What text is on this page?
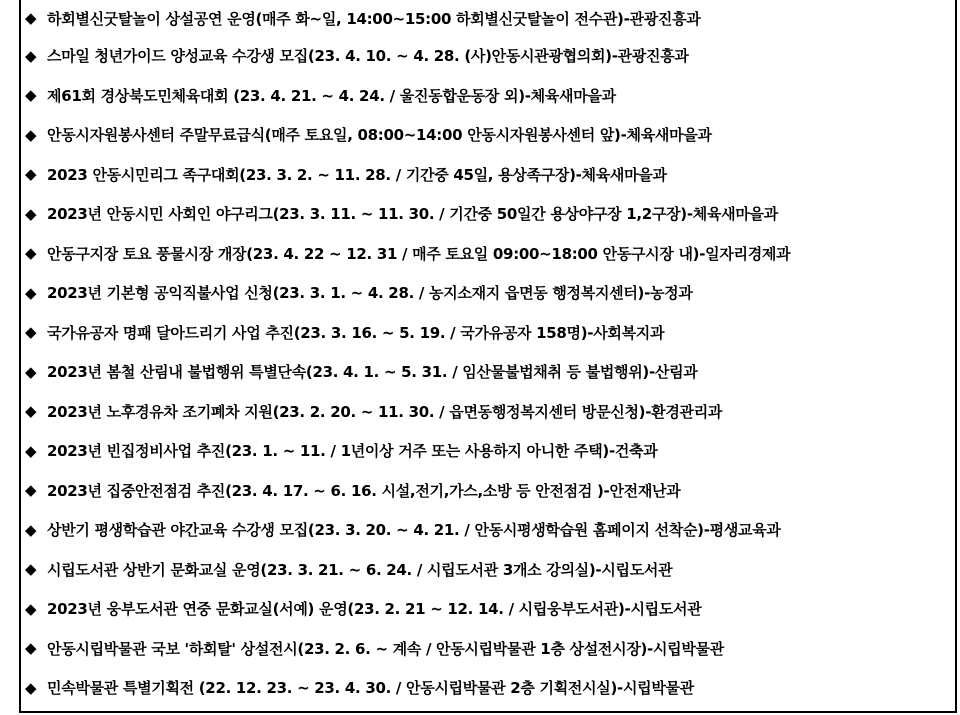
◆ 하회별신굿탈놀이 상설공연 운영(매주 화~일, 14:00~15:00 하회별신굿탈놀이 전수관)-관광진흥과
◆ 스마일 청년가이드 양성교육 수강생 모집(23. 4. 10. ~ 4. 28. (사)안동시관광협의회)-관광진흥과
◆ 제61회 경상북도민체육대회 (23. 4. 21. ~ 4. 24. / 울진동합운동장 외)-체육새마을과
◆ 안동시자원봉사센터 주말무료급식(매주 토요일, 08:00~14:00 안동시자원봉사센터 앞)-체육새마을과
◆ 2023 안동시민리그 족구대회(23. 3. 2. ~ 11. 28. / 기간중 45일, 용상족구장)-체육새마을과
◆ 2023년 안동시민 사회인 야구리그(23. 3. 11. ~ 11. 30. / 기간중 50일간 용상야구장 1,2구장)-체육새마을과
◆ 안동구지장 토요 풍물시장 개장(23. 4. 22 ~ 12. 31 / 매주 토요일 09:00~18:00 안동구시장 내)-일자리경제과
◆ 2023년 기본형 공익직불사업 신청(23. 3. 1. ~ 4. 28. / 농지소재지 읍면동 행정복지센터)-농정과
◆ 국가유공자 명패 달아드리기 사업 추진(23. 3. 16. ~ 5. 19. / 국가유공자 158명)-사회복지과
◆ 2023년 봄철 산림내 불법행위 특별단속(23. 4. 1. ~ 5. 31. / 임산물불법채취 등 불법행위)-산림과
◆ 2023년 노후경유차 조기폐차 지원(23. 2. 20. ~ 11. 30. / 읍면동행정복지센터 방문신청)-환경관리과
◆ 2023년 빈집정비사업 추진(23. 1. ~ 11. / 1년이상 거주 또는 사용하지 아니한 주택)-건축과
◆ 2023년 집중안전점검 추진(23. 4. 17. ~ 6. 16. 시설,전기,가스,소방 등 안전점검 )-안전재난과
◆ 상반기 평생학습관 야간교육 수강생 모집(23. 3. 20. ~ 4. 21. / 안동시평생학습원 홈페이지 선착순)-평생교육과
◆ 시립도서관 상반기 문화교실 운영(23. 3. 21. ~ 6. 24. / 시립도서관 3개소 강의실)-시립도서관
◆ 2023년 웅부도서관 연중 문화교실(서예) 운영(23. 2. 21 ~ 12. 14. / 시립웅부도서관)-시립도서관
◆ 안동시립박물관 국보 '하회탈' 상설전시(23. 2. 6. ~ 계속 / 안동시립박물관 1층 상설전시장)-시립박물관
◆ 민속박물관 특별기획전 (22. 12. 23. ~ 23. 4. 30. / 안동시립박물관 2층 기획전시실)-시립박물관
